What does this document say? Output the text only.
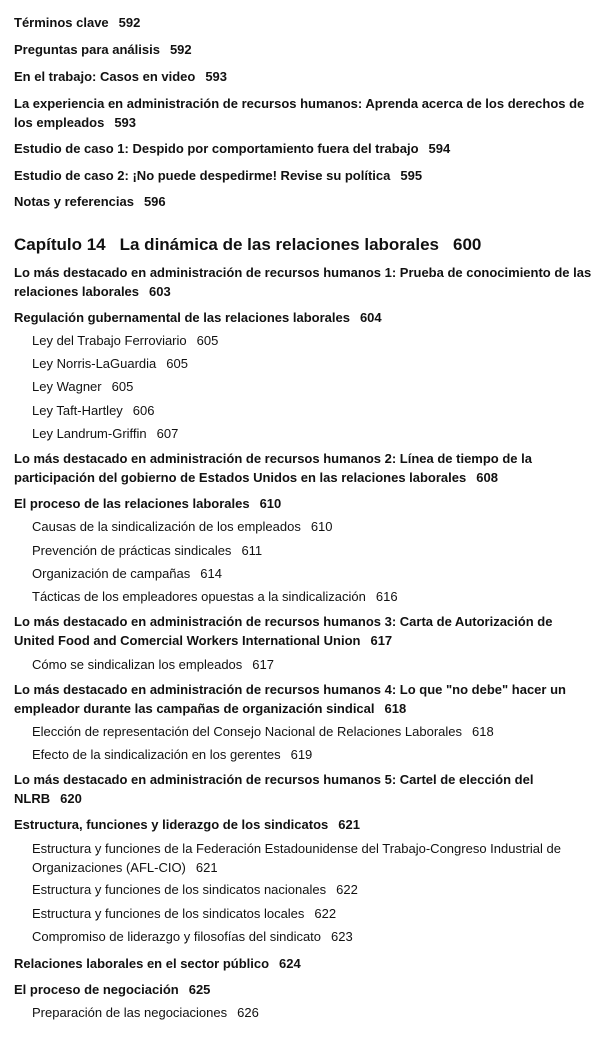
Términos clave 592
Preguntas para análisis 592
En el trabajo: Casos en video 593
La experiencia en administración de recursos humanos: Aprenda acerca de los derechos de los empleados 593
Estudio de caso 1: Despido por comportamiento fuera del trabajo 594
Estudio de caso 2: ¡No puede despedirme! Revise su política 595
Notas y referencias 596
Capítulo 14 La dinámica de las relaciones laborales 600
Lo más destacado en administración de recursos humanos 1: Prueba de conocimiento de las relaciones laborales 603
Regulación gubernamental de las relaciones laborales 604
Ley del Trabajo Ferroviario 605
Ley Norris-LaGuardia 605
Ley Wagner 605
Ley Taft-Hartley 606
Ley Landrum-Griffin 607
Lo más destacado en administración de recursos humanos 2: Línea de tiempo de la participación del gobierno de Estados Unidos en las relaciones laborales 608
El proceso de las relaciones laborales 610
Causas de la sindicalización de los empleados 610
Prevención de prácticas sindicales 611
Organización de campañas 614
Tácticas de los empleadores opuestas a la sindicalización 616
Lo más destacado en administración de recursos humanos 3: Carta de Autorización de United Food and Comercial Workers International Union 617
Cómo se sindicalizan los empleados 617
Lo más destacado en administración de recursos humanos 4: Lo que "no debe" hacer un empleador durante las campañas de organización sindical 618
Elección de representación del Consejo Nacional de Relaciones Laborales 618
Efecto de la sindicalización en los gerentes 619
Lo más destacado en administración de recursos humanos 5: Cartel de elección del NLRB 620
Estructura, funciones y liderazgo de los sindicatos 621
Estructura y funciones de la Federación Estadounidense del Trabajo-Congreso Industrial de Organizaciones (AFL-CIO) 621
Estructura y funciones de los sindicatos nacionales 622
Estructura y funciones de los sindicatos locales 622
Compromiso de liderazgo y filosofías del sindicato 623
Relaciones laborales en el sector público 624
El proceso de negociación 625
Preparación de las negociaciones 626
